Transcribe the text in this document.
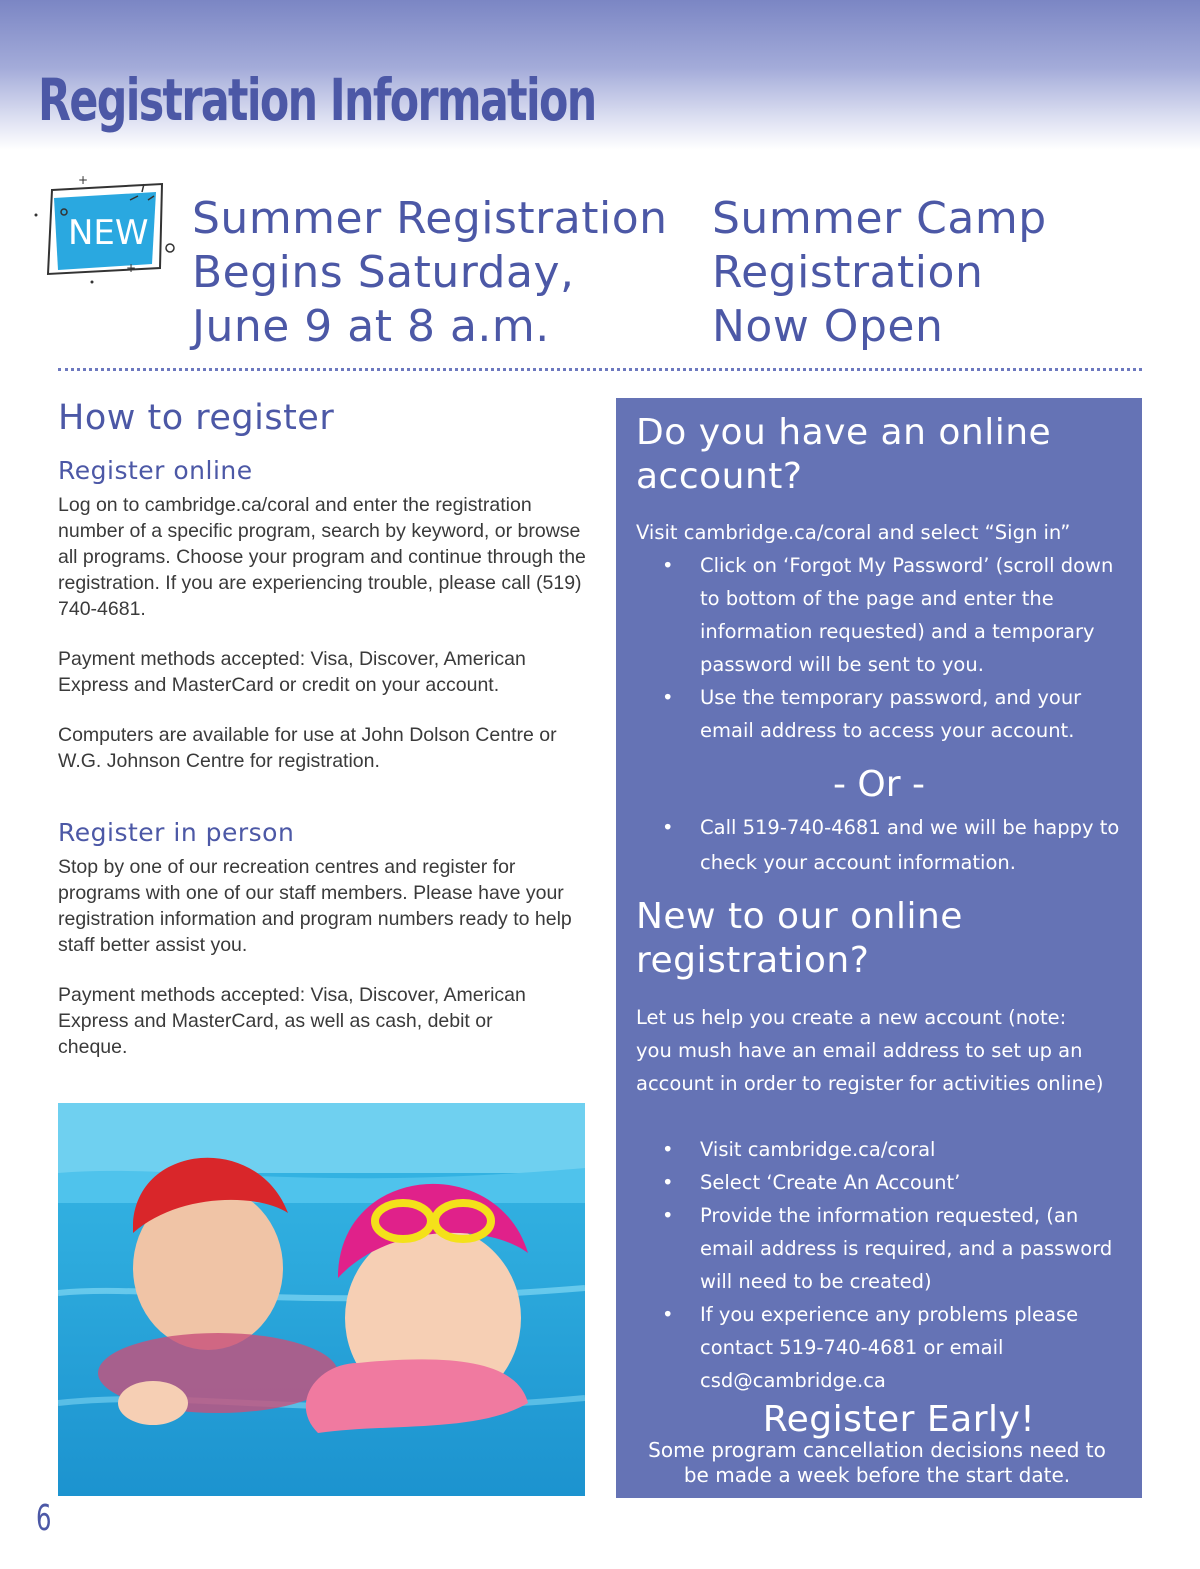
Registration Information
NEW
+
+
Summer Registration
Begins Saturday,
June 9 at 8 a.m.
Summer Camp
Registration
Now Open
How to register
Register online

Log on to cambridge.ca/coral and enter the registration number of a specific program, search by keyword, or browse all programs. Choose your program and continue through the registration. If you are experiencing trouble, please call (519) 740-4681.

Payment methods accepted: Visa, Discover, American Express and MasterCard or credit on your account.

Computers are available for use at John Dolson Centre or W.G. Johnson Centre for registration.

Register in person

Stop by one of our recreation centres and register for programs with one of our staff members. Please have your registration information and program numbers ready to help staff better assist you.

Payment methods accepted: Visa, Discover, American Express and MasterCard, as well as cash, debit or cheque.

6

Do you have an online account?

Visit cambridge.ca/coral and select “Sign in”

• Click on ‘Forgot My Password’ (scroll down to bottom of the page and enter the information requested) and a temporary password will be sent to you.
• Use the temporary password, and your email address to access your account.

- Or -

• Call 519-740-4681 and we will be happy to check your account information.
New to our online registration?

Let us help you create a new account (note: you mush have an email address to set up an account in order to register for activities online)

• Visit cambridge.ca/coral
• Select ‘Create An Account’
• Provide the information requested, (an email address is required, and a password will need to be created)
• If you experience any problems please contact 519-740-4681 or email csd@cambridge.ca
Register Early!

Some program cancellation decisions need to be made a week before the start date.
